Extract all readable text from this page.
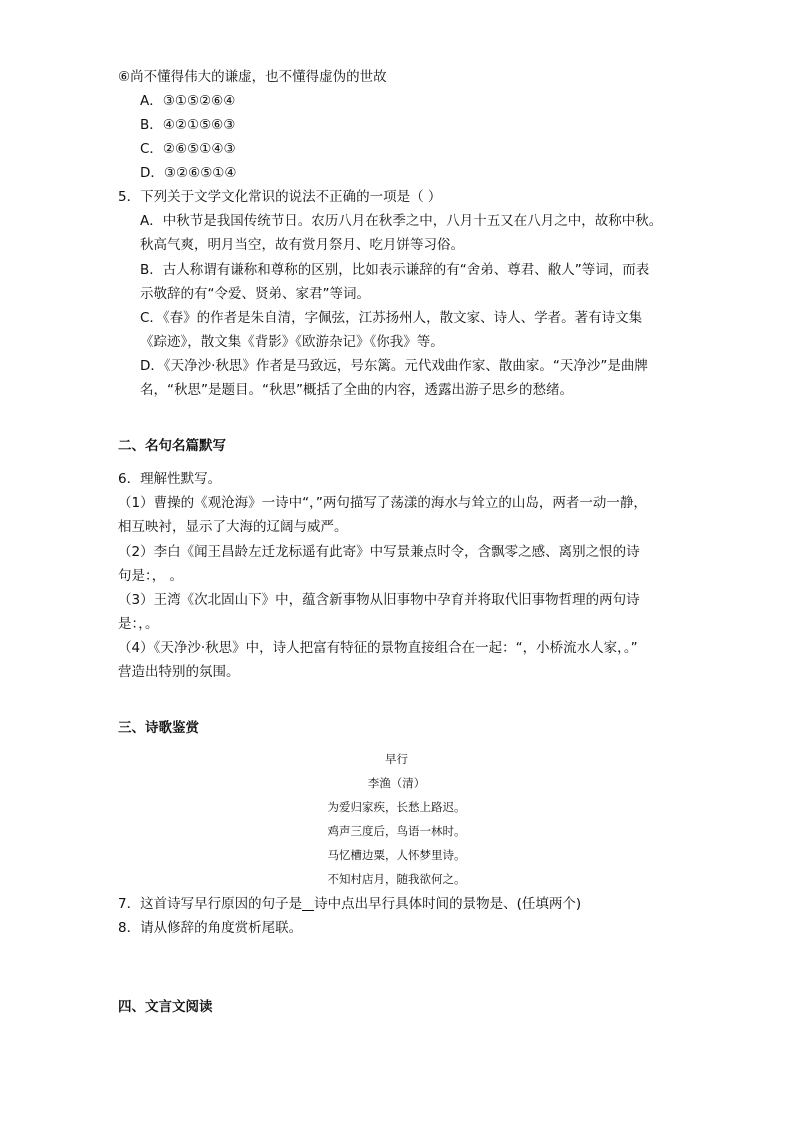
⑥尚不懂得伟大的谦虚，也不懂得虚伪的世故
A．③①⑤②⑥④
B．④②①⑤⑥③
C．②⑥⑤①④③
D．③②⑥⑤①④
5．下列关于文学文化常识的说法不正确的一项是（ ）
A．中秋节是我国传统节日。农历八月在秋季之中，八月十五又在八月之中，故称中秋。
秋高气爽，明月当空，故有赏月祭月、吃月饼等习俗。
B．古人称谓有谦称和尊称的区别，比如表示谦辞的有“舍弟、尊君、敝人”等词，而表
示敬辞的有“令爱、贤弟、家君”等词。
C．《春》的作者是朱自清，字佩弦，江苏扬州人，散文家、诗人、学者。著有诗文集
《踪迹》，散文集《背影》《欧游杂记》《你我》等。
D．《天净沙·秋思》作者是马致远，号东篱。元代戏曲作家、散曲家。“天净沙”是曲牌
名，“秋思”是题目。“秋思”概括了全曲的内容，透露出游子思乡的愁绪。
二、名句名篇默写
6．理解性默写。
（1）曹操的《观沧海》一诗中“，”两句描写了荡漾的海水与耸立的山岛，两者一动一静，
相互映衬，显示了大海的辽阔与威严。
（2）李白《闻王昌龄左迁龙标遥有此寄》中写景兼点时令，含飘零之感、离别之恨的诗
句是：， 。
（3）王湾《次北固山下》中，蕴含新事物从旧事物中孕育并将取代旧事物哲理的两句诗
是：，。
（4）《天净沙·秋思》中，诗人把富有特征的景物直接组合在一起：“，小桥流水人家，。”
营造出特别的氛围。
三、诗歌鉴赏
早行
李渔（清）
为爱归家疾，长愁上路迟。
鸡声三度后，鸟语一林时。
马忆槽边粟，人怀梦里诗。
不知村店月，随我欲何之。
7．这首诗写早行原因的句子是 诗中点出早行具体时间的景物是、(任填两个)
8．请从修辞的角度赏析尾联。
四、文言文阅读
